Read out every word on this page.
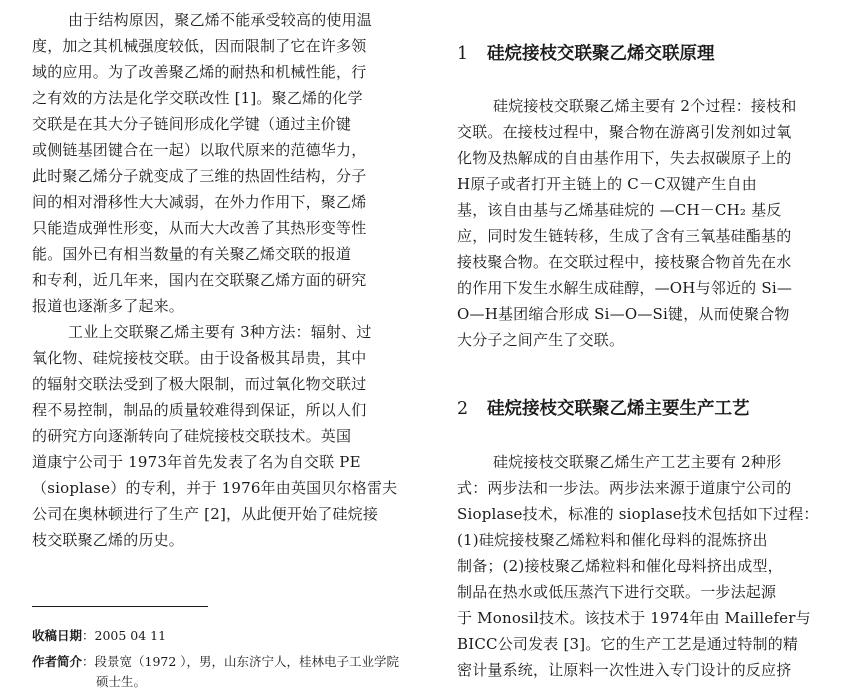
由于结构原因，聚乙烯不能承受较高的使用温
度，加之其机械强度较低，因而限制了它在许多领
域的应用。为了改善聚乙烯的耐热和机械性能，行
之有效的方法是化学交联改性 [1]。聚乙烯的化学
交联是在其大分子链间形成化学键（通过主价键
或侧链基团键合在一起）以取代原来的范德华力，
此时聚乙烯分子就变成了三维的热固性结构，分子
间的相对滑移性大大减弱，在外力作用下，聚乙烯
只能造成弹性形变，从而大大改善了其热形变等性
能。国外已有相当数量的有关聚乙烯交联的报道
和专利，近几年来，国内在交联聚乙烯方面的研究
报道也逐渐多了起来。
工业上交联聚乙烯主要有 3种方法：辐射、过
氧化物、硅烷接枝交联。由于设备极其昂贵，其中
的辐射交联法受到了极大限制，而过氧化物交联过
程不易控制，制品的质量较难得到保证，所以人们
的研究方向逐渐转向了硅烷接枝交联技术。英国
道康宁公司于 1973年首先发表了名为自交联 PE
（sioplase）的专利，并于 1976年由英国贝尔格雷夫
公司在奥林顿进行了生产 [2]，从此便开始了硅烷接
枝交联聚乙烯的历史。
收稿日期：2005 04 11
作者简介：段景宽（1972 ），男，山东济宁人，桂林电子工业学院
硕士生。
1 硅烷接枝交联聚乙烯交联原理
硅烷接枝交联聚乙烯主要有 2个过程：接枝和
交联。在接枝过程中，聚合物在游离引发剂如过氧
化物及热解成的自由基作用下，失去叔碳原子上的
H原子或者打开主链上的 C－C双键产生自由
基，该自由基与乙烯基硅烷的 —CH－CH₂ 基反
应，同时发生链转移，生成了含有三氧基硅酯基的
接枝聚合物。在交联过程中，接枝聚合物首先在水
的作用下发生水解生成硅醇，—OH与邻近的 Si—
O—H基团缩合形成 Si—O—Si键，从而使聚合物
大分子之间产生了交联。
2 硅烷接枝交联聚乙烯主要生产工艺
硅烷接枝交联聚乙烯生产工艺主要有 2种形
式：两步法和一步法。两步法来源于道康宁公司的
Sioplase技术，标准的 sioplase技术包括如下过程：
(1)硅烷接枝聚乙烯粒料和催化母料的混炼挤出
制备；(2)接枝聚乙烯粒料和催化母料挤出成型，
制品在热水或低压蒸汽下进行交联。一步法起源
于 Monosil技术。该技术于 1974年由 Maillefer与
BICC公司发表 [3]。它的生产工艺是通过特制的精
密计量系统，让原料一次性进入专门设计的反应挤
